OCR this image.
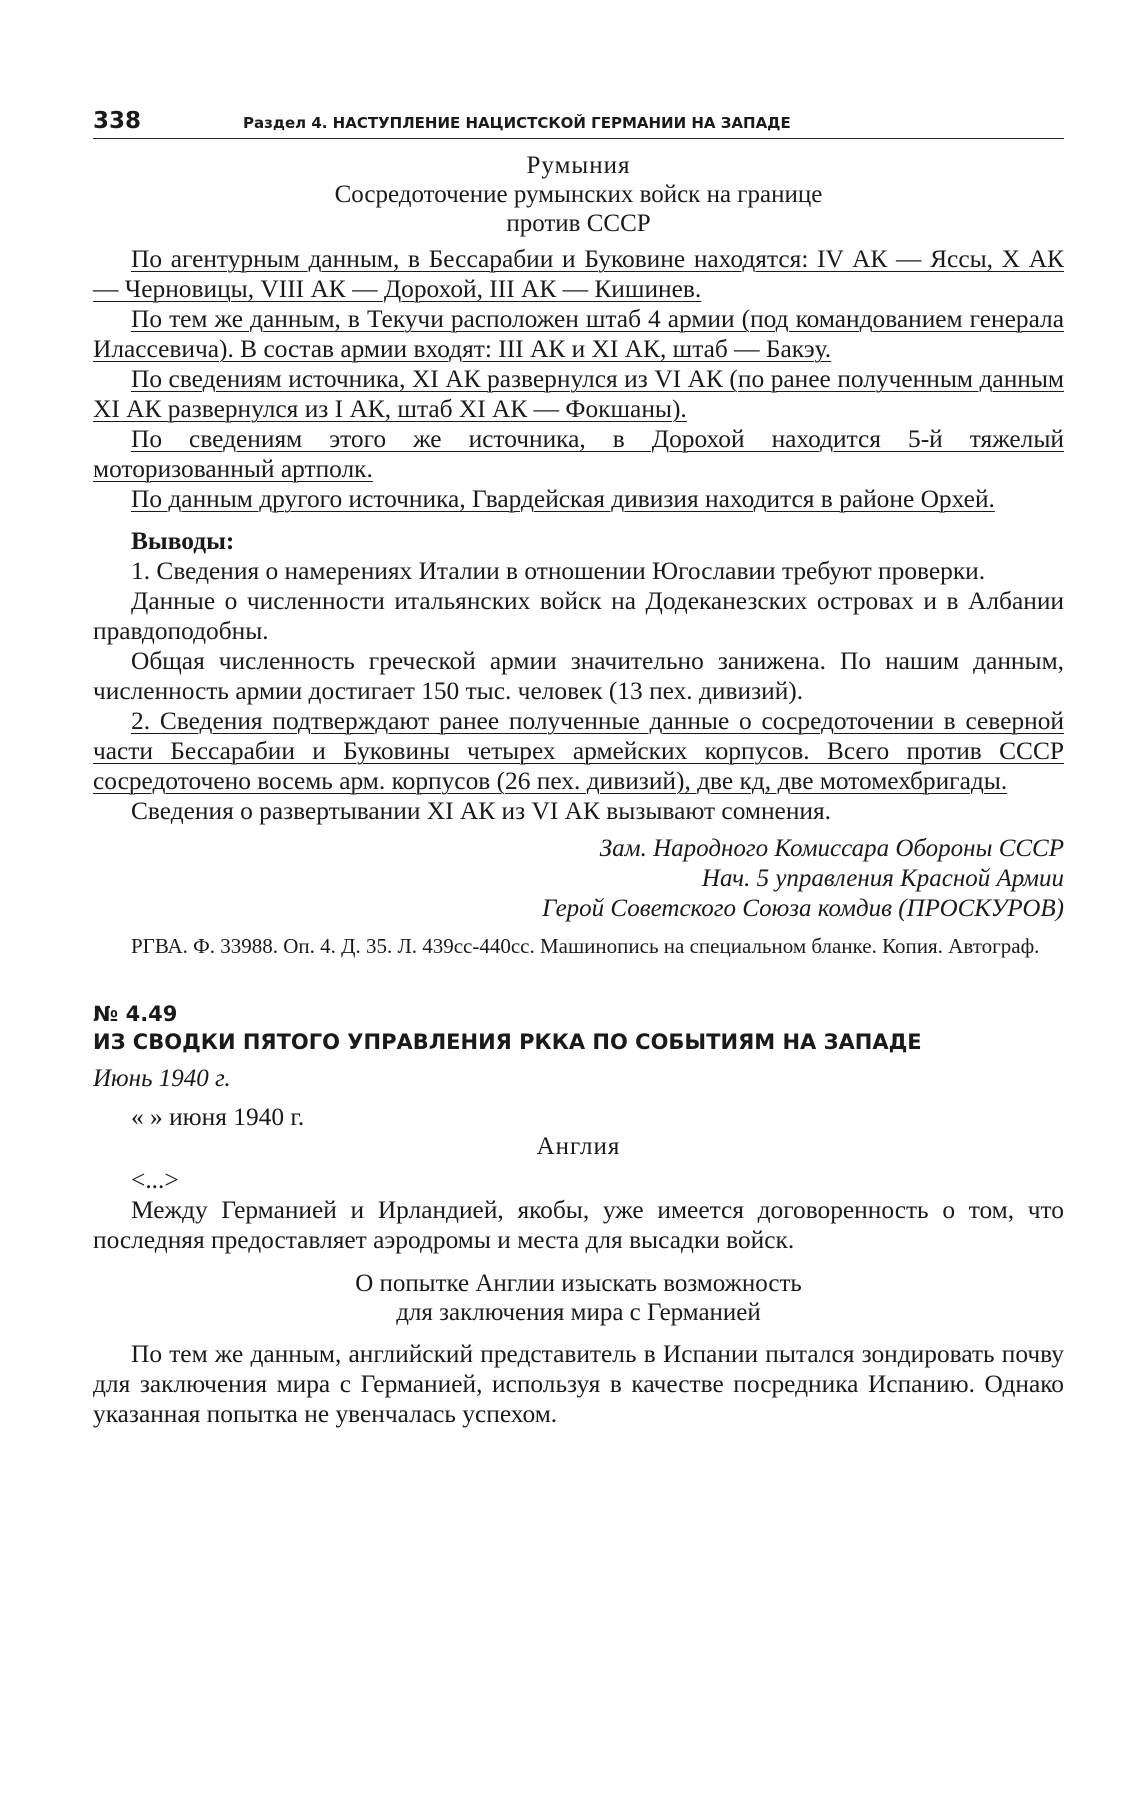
338	Раздел 4. НАСТУПЛЕНИЕ НАЦИСТСКОЙ ГЕРМАНИИ НА ЗАПАДЕ
Румыния
Сосредоточение румынских войск на границе
против СССР

По агентурным данным, в Бессарабии и Буковине находятся: IV АК — Яссы, X АК — Черновицы, VIII АК — Дорохой, III АК — Кишинев.

По тем же данным, в Текучи расположен штаб 4 армии (под командованием генерала Илассевича). В состав армии входят: III АК и XI АК, штаб — Бакэу.

По сведениям источника, XI АК развернулся из VI АК (по ранее полученным данным XI АК развернулся из I АК, штаб XI АК — Фокшаны).

По сведениям этого же источника, в Дорохой находится 5-й тяжелый моторизованный артполк.

По данным другого источника, Гвардейская дивизия находится в районе Орхей.

Выводы:

1. Сведения о намерениях Италии в отношении Югославии требуют проверки.

Данные о численности итальянских войск на Додеканезских островах и в Албании правдоподобны.

Общая численность греческой армии значительно занижена. По нашим данным, численность армии достигает 150 тыс. человек (13 пех. дивизий).

2. Сведения подтверждают ранее полученные данные о сосредоточении в северной части Бессарабии и Буковины четырех армейских корпусов. Всего против СССР сосредоточено восемь арм. корпусов (26 пех. дивизий), две кд, две мотомехбригады.

Сведения о развертывании XI АК из VI АК вызывают сомнения.

Зам. Народного Комиссара Обороны СССР
Нач. 5 управления Красной Армии
Герой Советского Союза комдив (ПРОСКУРОВ)

РГВА. Ф. 33988. Оп. 4. Д. 35. Л. 439сс-440сс. Машинопись на специальном бланке. Копия. Автограф.

№ 4.49
ИЗ СВОДКИ ПЯТОГО УПРАВЛЕНИЯ РККА ПО СОБЫТИЯМ НА ЗАПАДЕ
Июнь 1940 г.

« » июня 1940 г.

Англия

<...>

Между Германией и Ирландией, якобы, уже имеется договоренность о том, что последняя предоставляет аэродромы и места для высадки войск.

О попытке Англии изыскать возможность
для заключения мира с Германией

По тем же данным, английский представитель в Испании пытался зондировать почву для заключения мира с Германией, используя в качестве посредника Испанию. Однако указанная попытка не увенчалась успехом.
